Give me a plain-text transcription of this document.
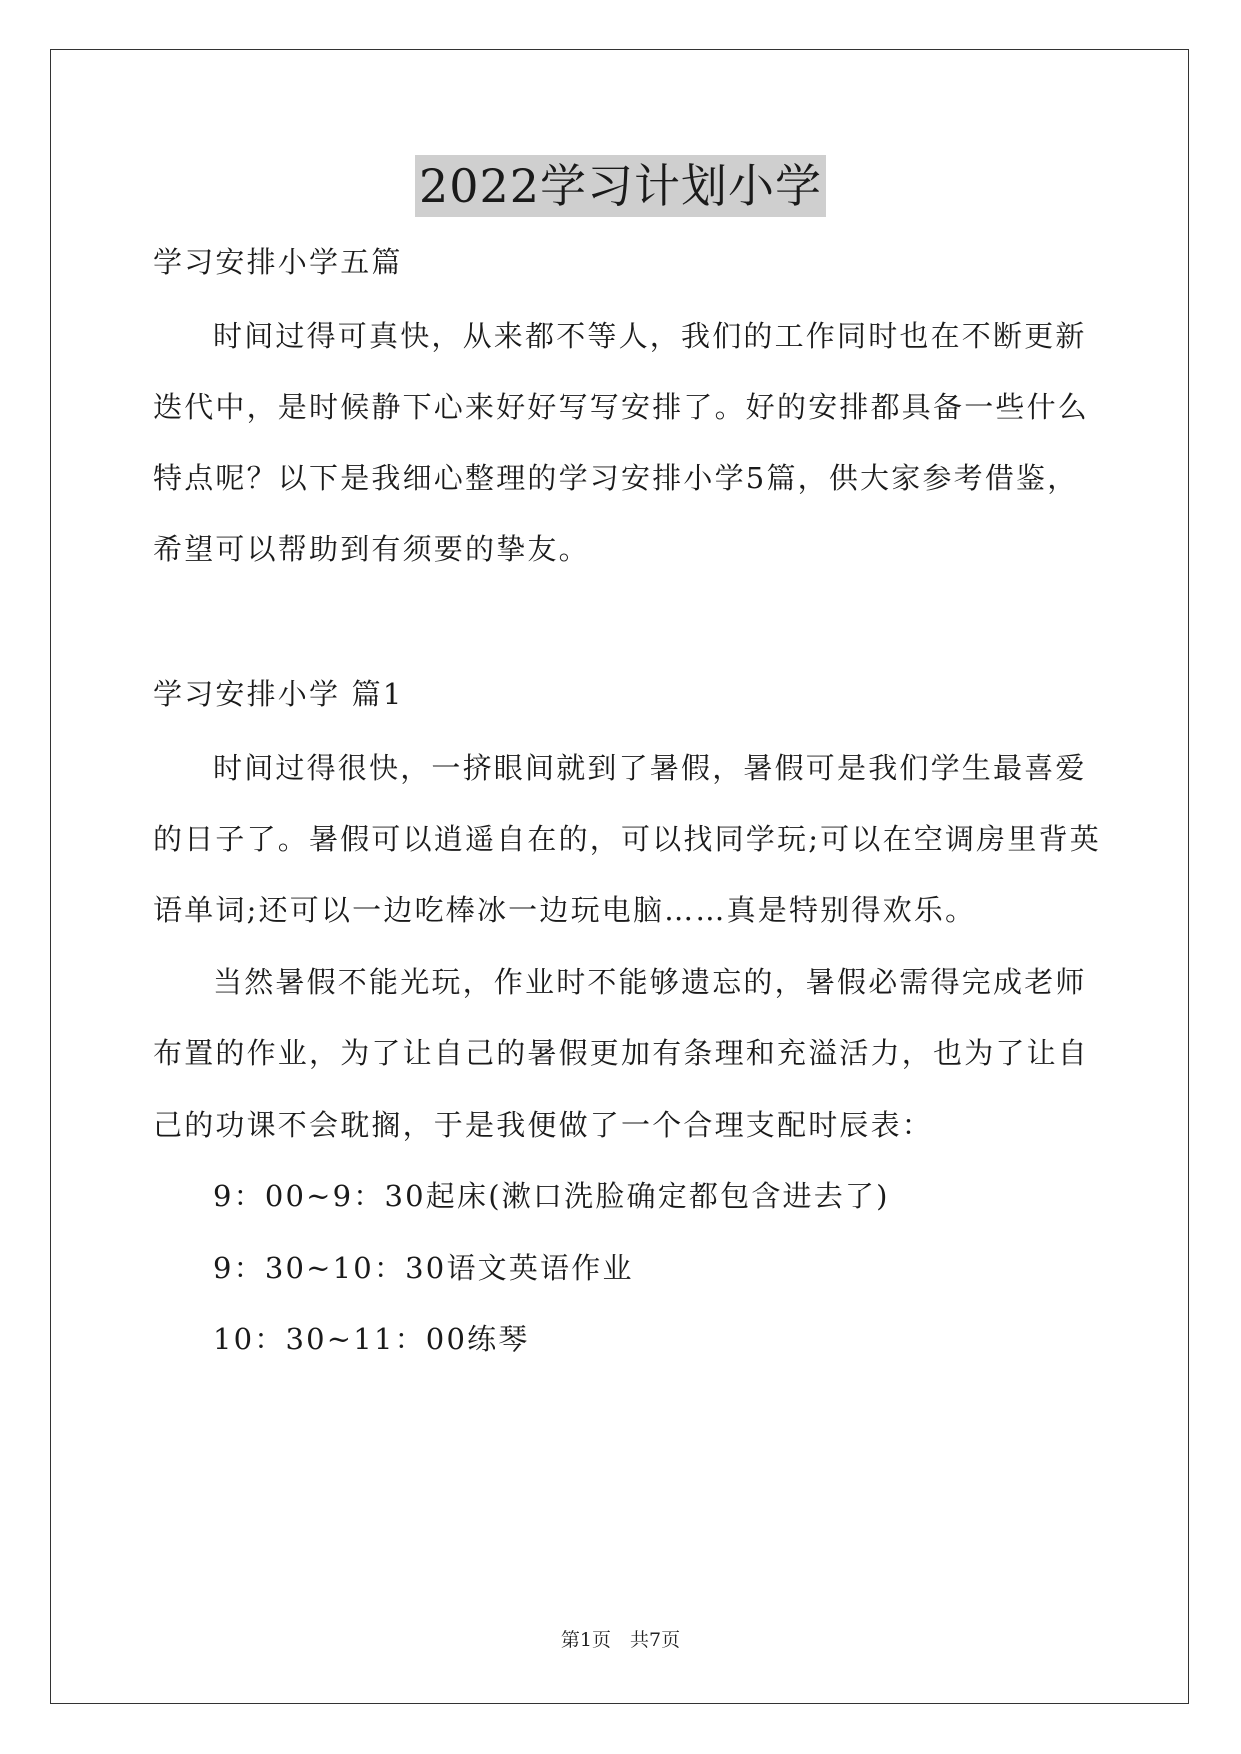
2022学习计划小学
学习安排小学五篇
时间过得可真快，从来都不等人，我们的工作同时也在不断更新
迭代中，是时候静下心来好好写写安排了。好的安排都具备一些什么
特点呢？以下是我细心整理的学习安排小学5篇，供大家参考借鉴，
希望可以帮助到有须要的挚友。
学习安排小学 篇1
时间过得很快，一挤眼间就到了暑假，暑假可是我们学生最喜爱
的日子了。暑假可以逍遥自在的，可以找同学玩;可以在空调房里背英
语单词;还可以一边吃棒冰一边玩电脑……真是特别得欢乐。
当然暑假不能光玩，作业时不能够遗忘的，暑假必需得完成老师
布置的作业，为了让自己的暑假更加有条理和充溢活力，也为了让自
己的功课不会耽搁，于是我便做了一个合理支配时辰表：
9：00~9：30起床(漱口洗脸确定都包含进去了)
9：30~10：30语文英语作业
10：30~11：00练琴
第1页　共7页
